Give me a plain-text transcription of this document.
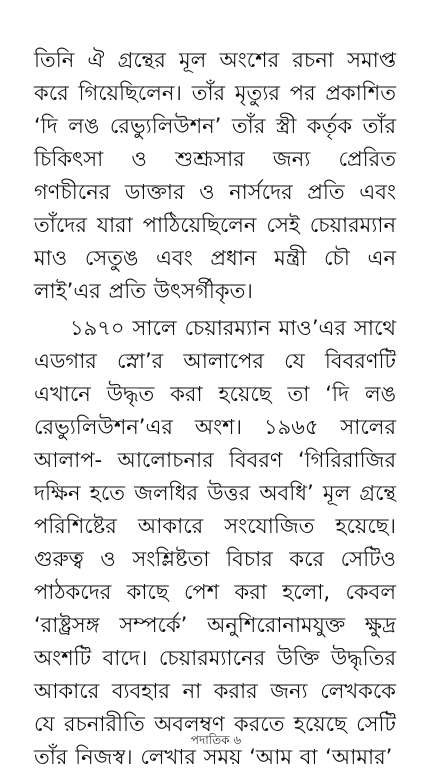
তিনি ঐ গ্রন্থের মূল অংশের রচনা সমাপ্ত করে গিয়েছিলেন। তাঁর মৃত্যুর পর প্রকাশিত ‘দি লঙ রেভ্যুলিউশন’ তাঁর স্ত্রী কর্তৃক তাঁর চিকিৎসা ও শুশ্রূসার জন্য প্রেরিত গণচীনের ডাক্তার ও নার্সদের প্রতি এবং তাঁদের যারা পাঠিয়েছিলেন সেই চেয়ারম্যান মাও সেতুঙ এবং প্রধান মন্ত্রী চৌ এন লাই’এর প্রতি উৎসর্গীকৃত।

১৯৭০ সালে চেয়ারম্যান মাও’এর সাথে এডগার স্নো’র আলাপের যে বিবরণটি এখানে উদ্ধৃত করা হয়েছে তা ‘দি লঙ রেভ্যুলিউশন’এর অংশ। ১৯৬৫ সালের আলাপ- আলোচনার বিবরণ ‘গিরিরাজির দক্ষিন হতে জলধির উত্তর অবধি’ মূল গ্রন্থে পরিশিষ্টের আকারে সংযোজিত হয়েছে। গুরুত্ব ও সংশ্লিষ্টতা বিচার করে সেটিও পাঠকদের কাছে পেশ করা হলো, কেবল ‘রাষ্ট্রসঙ্গ সম্পর্কে’ অনুশিরোনামযুক্ত ক্ষুদ্র অংশটি বাদে। চেয়ারম্যানের উক্তি উদ্ধৃতির আকারে ব্যবহার না করার জন্য লেখককে যে রচনারীতি অবলম্বণ করতে হয়েছে সেটি তাঁর নিজস্ব। লেখার সময় ‘আম বা ‘আমার’

পদাতিক ৬
